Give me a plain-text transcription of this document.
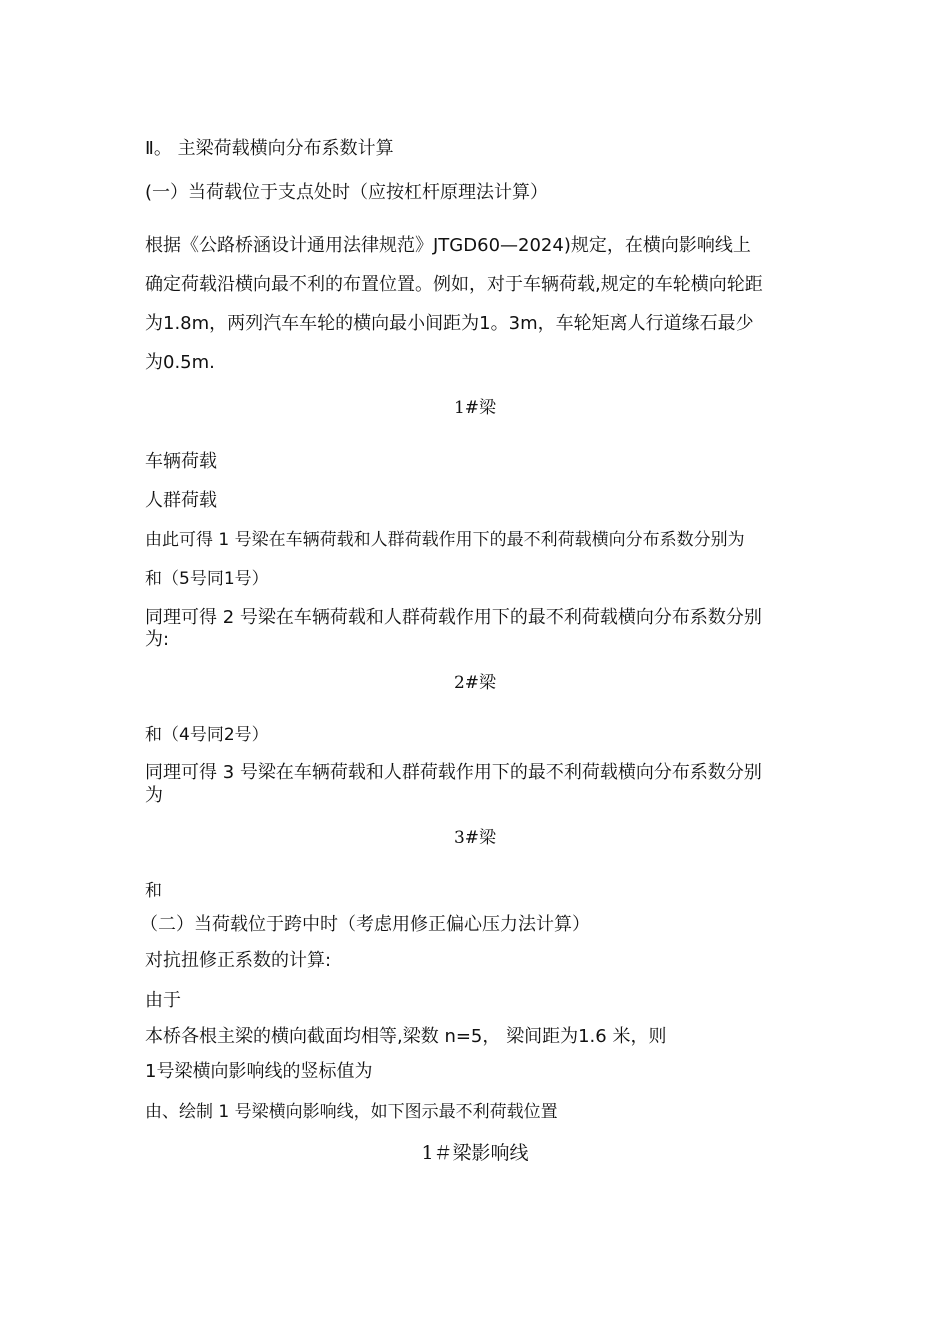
Ⅱ。 主梁荷载横向分布系数计算
(一）当荷载位于支点处时（应按杠杆原理法计算）
根据《公路桥涵设计通用法律规范》JTGD60—2024)规定，在横向影响线上
确定荷载沿横向最不利的布置位置。例如，对于车辆荷载,规定的车轮横向轮距
为1.8m，两列汽车车轮的横向最小间距为1。3m，车轮矩离人行道缘石最少
为0.5m.
1#梁
车辆荷载
人群荷载
由此可得 1 号梁在车辆荷载和人群荷载作用下的最不利荷载横向分布系数分别为
和（5号同1号）
同理可得 2 号梁在车辆荷载和人群荷载作用下的最不利荷载横向分布系数分别
为:
2#梁
和（4号同2号）
同理可得 3 号梁在车辆荷载和人群荷载作用下的最不利荷载横向分布系数分别
为
3#梁
和
（二）当荷载位于跨中时（考虑用修正偏心压力法计算）
对抗扭修正系数的计算:
由于
本桥各根主梁的横向截面均相等,梁数 n=5， 梁间距为1.6 米，则
1号梁横向影响线的竖标值为
由、绘制 1 号梁横向影响线，如下图示最不利荷载位置
1＃梁影响线
